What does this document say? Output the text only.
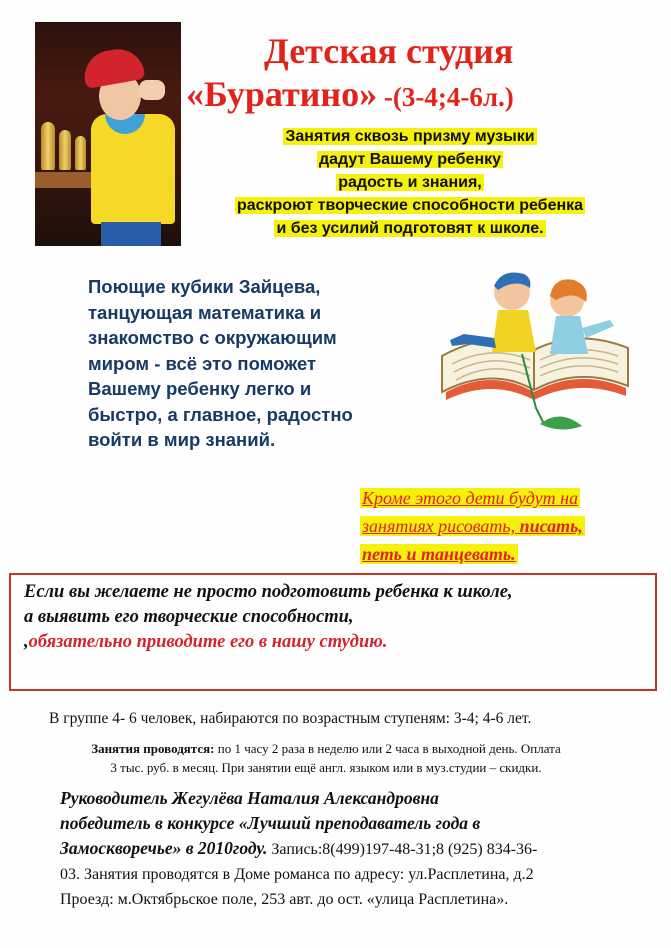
Детская студия
«Буратино» -(3-4;4-6л.)
Занятия сквозь призму музыки
дадут Вашему ребенку
радость и знания,
раскроют творческие способности ребенка
и без усилий подготовят к школе.
Поющие кубики Зайцева,
танцующая математика и
знакомство с окружающим
миром - всё это поможет
Вашему ребенку легко и
быстро, а главное, радостно
войти в мир знаний.
Кроме этого дети будут на
занятиях рисовать, писать,
петь и танцевать.
Если вы желаете не просто подготовить ребенка к школе,
а выявить его творческие способности,
,обязательно приводите его в нашу студию.
В группе 4- 6 человек, набираются по возрастным ступеням: 3-4; 4-6 лет.
Занятия проводятся: по 1 часу 2 раза в неделю или 2 часа в выходной день. Оплата
3 тыс. руб. в месяц. При занятии ещё англ. языком или в муз.студии – скидки.
Руководитель Жегулёва Наталия Александровна
победитель в конкурсе «Лучший преподаватель года в
Замоскворечье» в 2010году. Запись:8(499)197-48-31;8 (925) 834-36-
03. Занятия проводятся в Доме романса по адресу: ул.Расплетина, д.2
Проезд: м.Октябрьское поле, 253 авт. до ост. «улица Расплетина».
